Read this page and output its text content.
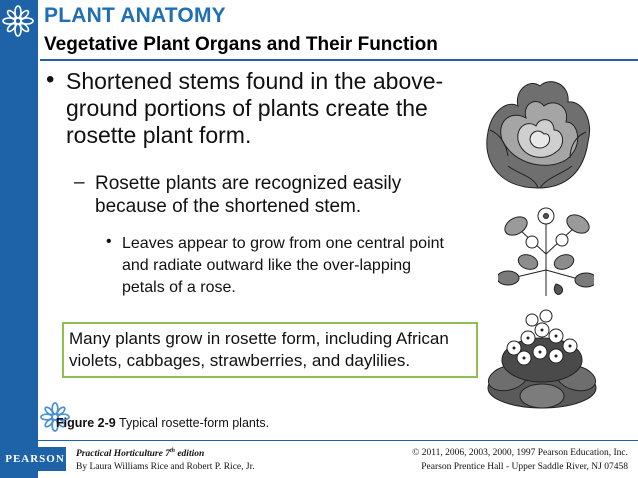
PLANT ANATOMY
Vegetative Plant Organs and Their Function
• Shortened stems found in the above-ground portions of plants create the rosette plant form.
– Rosette plants are recognized easily because of the shortened stem.
• Leaves appear to grow from one central point and radiate outward like the over-lapping petals of a rose.
Many plants grow in rosette form, including African violets, cabbages, strawberries, and daylilies.
Figure 2-9 Typical rosette-form plants.
PEARSON Practical Horticulture 7th edition
By Laura Williams Rice and Robert P. Rice, Jr.
© 2011, 2006, 2003, 2000, 1997 Pearson Education, Inc.
Pearson Prentice Hall - Upper Saddle River, NJ 07458
